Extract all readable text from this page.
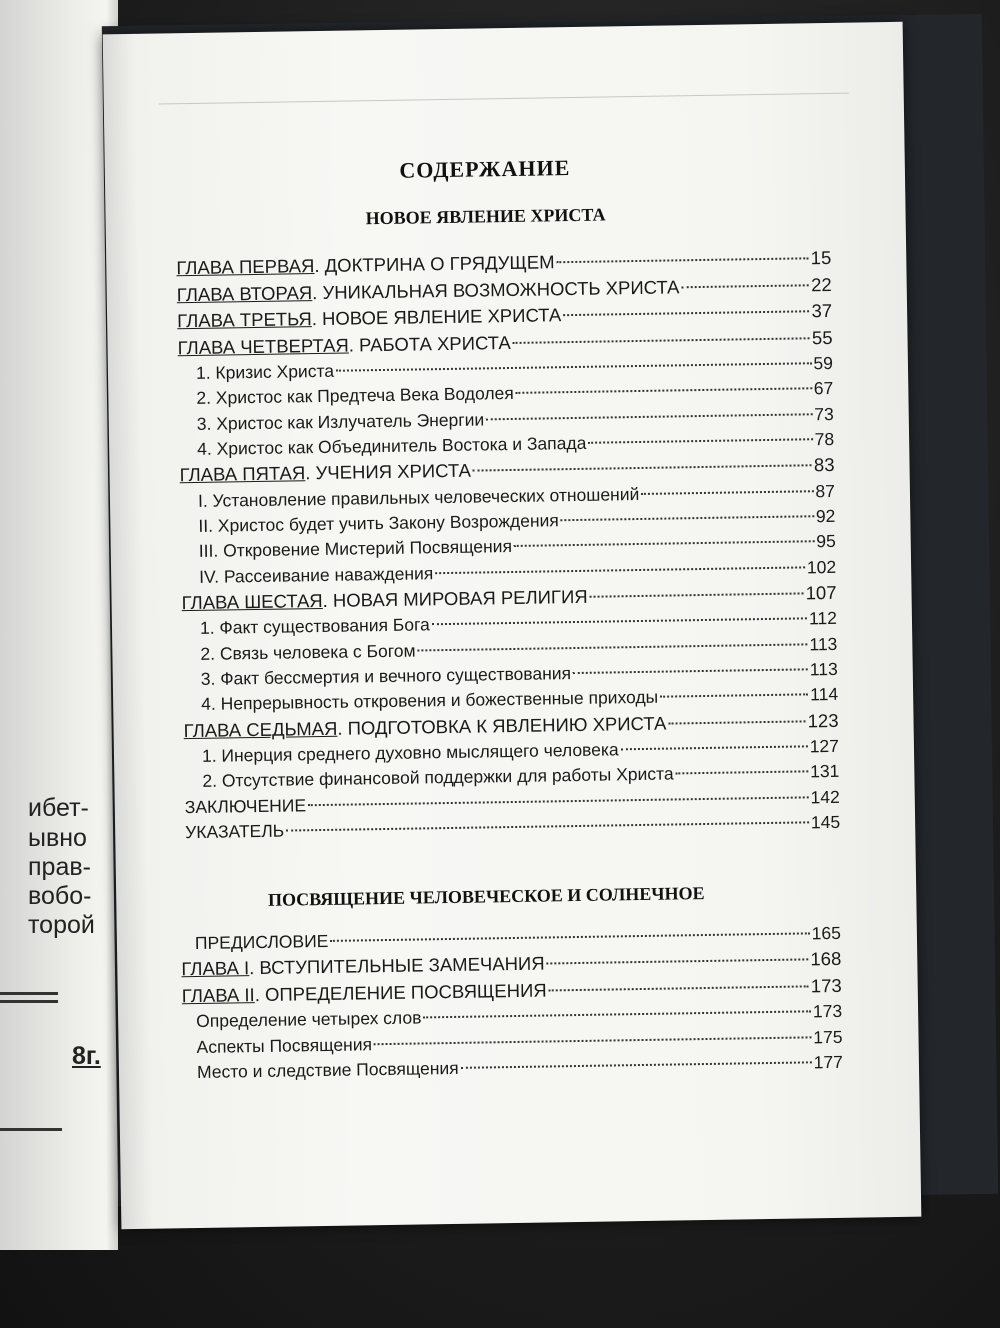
ибет-
ывно
прав-
вобо-
торой
8г.
СОДЕРЖАНИЕ
НОВОЕ ЯВЛЕНИЕ ХРИСТА
ГЛАВА ПЕРВАЯ. ДОКТРИНА О ГРЯДУЩЕМ	15
ГЛАВА ВТОРАЯ. УНИКАЛЬНАЯ ВОЗМОЖНОСТЬ ХРИСТА	22
ГЛАВА ТРЕТЬЯ. НОВОЕ ЯВЛЕНИЕ ХРИСТА	37
ГЛАВА ЧЕТВЕРТАЯ. РАБОТА ХРИСТА	55
1. Кризис Христа	59
2. Христос как Предтеча Века Водолея	67
3. Христос как Излучатель Энергии	73
4. Христос как Объединитель Востока и Запада	78
ГЛАВА ПЯТАЯ. УЧЕНИЯ ХРИСТА	83
I. Установление правильных человеческих отношений	87
II. Христос будет учить Закону Возрождения	92
III. Откровение Мистерий Посвящения	95
IV. Рассеивание наваждения	102
ГЛАВА ШЕСТАЯ. НОВАЯ МИРОВАЯ РЕЛИГИЯ	107
1. Факт существования Бога	112
2. Связь человека с Богом	113
3. Факт бессмертия и вечного существования	113
4. Непрерывность откровения и божественные приходы	114
ГЛАВА СЕДЬМАЯ. ПОДГОТОВКА К ЯВЛЕНИЮ ХРИСТА	123
1. Инерция среднего духовно мыслящего человека	127
2. Отсутствие финансовой поддержки для работы Христа	131
ЗАКЛЮЧЕНИЕ	142
УКАЗАТЕЛЬ	145
ПОСВЯЩЕНИЕ ЧЕЛОВЕЧЕСКОЕ И СОЛНЕЧНОЕ
ПРЕДИСЛОВИЕ	165
ГЛАВА I. ВСТУПИТЕЛЬНЫЕ ЗАМЕЧАНИЯ	168
ГЛАВА II. ОПРЕДЕЛЕНИЕ ПОСВЯЩЕНИЯ	173
Определение четырех слов	173
Аспекты Посвящения	175
Место и следствие Посвящения	177
